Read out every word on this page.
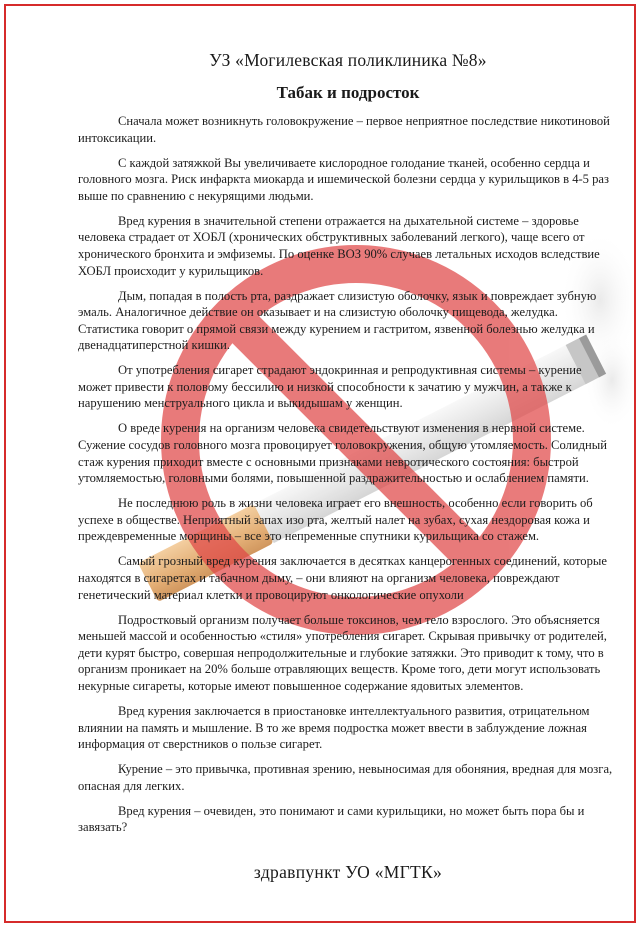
УЗ «Могилевская поликлиника №8»
Табак и подросток

Сначала может возникнуть головокружение – первое неприятное последствие никотиновой интоксикации.

С каждой затяжкой Вы увеличиваете кислородное голодание тканей, особенно сердца и головного мозга. Риск инфаркта миокарда и ишемической болезни сердца у курильщиков в 4-5 раз выше по сравнению с некурящими людьми.

Вред курения в значительной степени отражается на дыхательной системе – здоровье человека страдает от ХОБЛ (хронических обструктивных заболеваний легкого), чаще всего от хронического бронхита и эмфиземы. По оценке ВОЗ 90% случаев летальных исходов вследствие ХОБЛ происходит у курильщиков.

Дым, попадая в полость рта, раздражает слизистую оболочку, язык и повреждает зубную эмаль. Аналогичное действие он оказывает и на слизистую оболочку пищевода, желудка. Статистика говорит о прямой связи между курением и гастритом, язвенной болезнью желудка и двенадцатиперстной кишки.

От употребления сигарет страдают эндокринная и репродуктивная системы – курение может привести к половому бессилию и низкой способности к зачатию у мужчин, а также к нарушению менструального цикла и выкидышам у женщин.

О вреде курения на организм человека свидетельствуют изменения в нервной системе. Сужение сосудов головного мозга провоцирует головокружения, общую утомляемость. Солидный стаж курения приходит вместе с основными признаками невротического состояния: быстрой утомляемостью, головными болями, повышенной раздражительностью и ослаблением памяти.

Не последнюю роль в жизни человека играет его внешность, особенно если говорить об успехе в обществе. Неприятный запах изо рта, желтый налет на зубах, сухая нездоровая кожа и преждевременные морщины – все это непременные спутники курильщика со стажем.

Самый грозный вред курения заключается в десятках канцерогенных соединений, которые находятся в сигаретах и табачном дыму, – они влияют на организм человека, повреждают генетический материал клетки и провоцируют онкологические опухоли

Подростковый организм получает больше токсинов, чем тело взрослого. Это объясняется меньшей массой и особенностью «стиля» употребления сигарет. Скрывая привычку от родителей, дети курят быстро, совершая непродолжительные и глубокие затяжки. Это приводит к тому, что в организм проникает на 20% больше отравляющих веществ. Кроме того, дети могут использовать некурные сигареты, которые имеют повышенное содержание ядовитых элементов.

Вред курения заключается в приостановке интеллектуального развития, отрицательном влиянии на память и мышление. В то же время подростка может ввести в заблуждение ложная информация от сверстников о пользе сигарет.

Курение – это привычка, противная зрению, невыносимая для обоняния, вредная для мозга, опасная для легких.

Вред курения – очевиден, это понимают и сами курильщики, но может быть пора бы и завязать?

здравпункт УО «МГТК»
